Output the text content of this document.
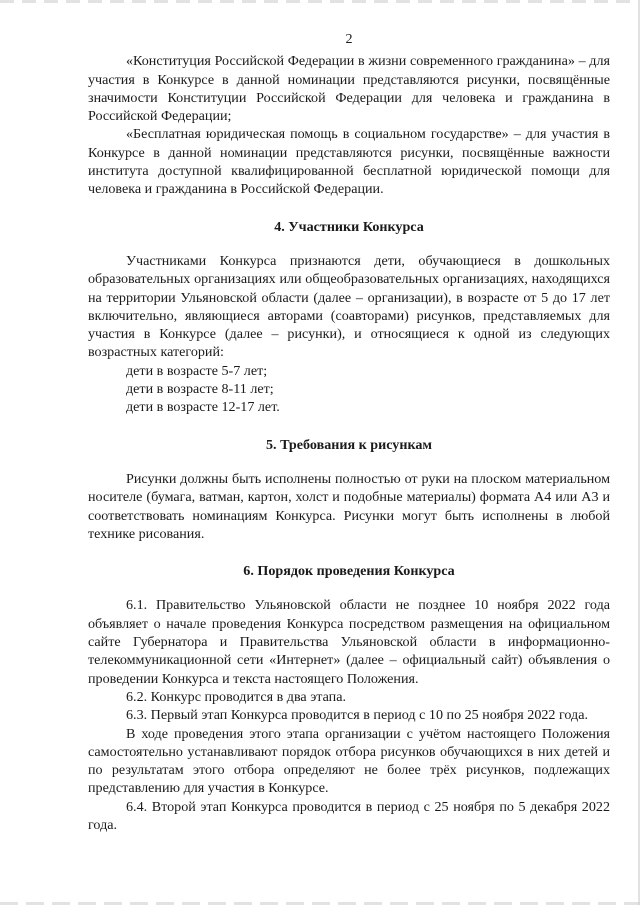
2

«Конституция Российской Федерации в жизни современного гражданина» – для участия в Конкурсе в данной номинации представляются рисунки, посвящённые значимости Конституции Российской Федерации для человека и гражданина в Российской Федерации;

«Бесплатная юридическая помощь в социальном государстве» – для участия в Конкурсе в данной номинации представляются рисунки, посвящённые важности института доступной квалифицированной бесплатной юридической помощи для человека и гражданина в Российской Федерации.

4. Участники Конкурса

Участниками Конкурса признаются дети, обучающиеся в дошкольных образовательных организациях или общеобразовательных организациях, находящихся на территории Ульяновской области (далее – организации), в возрасте от 5 до 17 лет включительно, являющиеся авторами (соавторами) рисунков, представляемых для участия в Конкурсе (далее – рисунки), и относящиеся к одной из следующих возрастных категорий:

дети в возрасте 5-7 лет;

дети в возрасте 8-11 лет;

дети в возрасте 12-17 лет.

5. Требования к рисункам

Рисунки должны быть исполнены полностью от руки на плоском материальном носителе (бумага, ватман, картон, холст и подобные материалы) формата А4 или А3 и соответствовать номинациям Конкурса. Рисунки могут быть исполнены в любой технике рисования.

6. Порядок проведения Конкурса

6.1. Правительство Ульяновской области не позднее 10 ноября 2022 года объявляет о начале проведения Конкурса посредством размещения на официальном сайте Губернатора и Правительства Ульяновской области в информационно-телекоммуникационной сети «Интернет» (далее – официальный сайт) объявления о проведении Конкурса и текста настоящего Положения.

6.2. Конкурс проводится в два этапа.

6.3. Первый этап Конкурса проводится в период с 10 по 25 ноября 2022 года.

В ходе проведения этого этапа организации с учётом настоящего Положения самостоятельно устанавливают порядок отбора рисунков обучающихся в них детей и по результатам этого отбора определяют не более трёх рисунков, подлежащих представлению для участия в Конкурсе.

6.4. Второй этап Конкурса проводится в период с 25 ноября по 5 декабря 2022 года.
